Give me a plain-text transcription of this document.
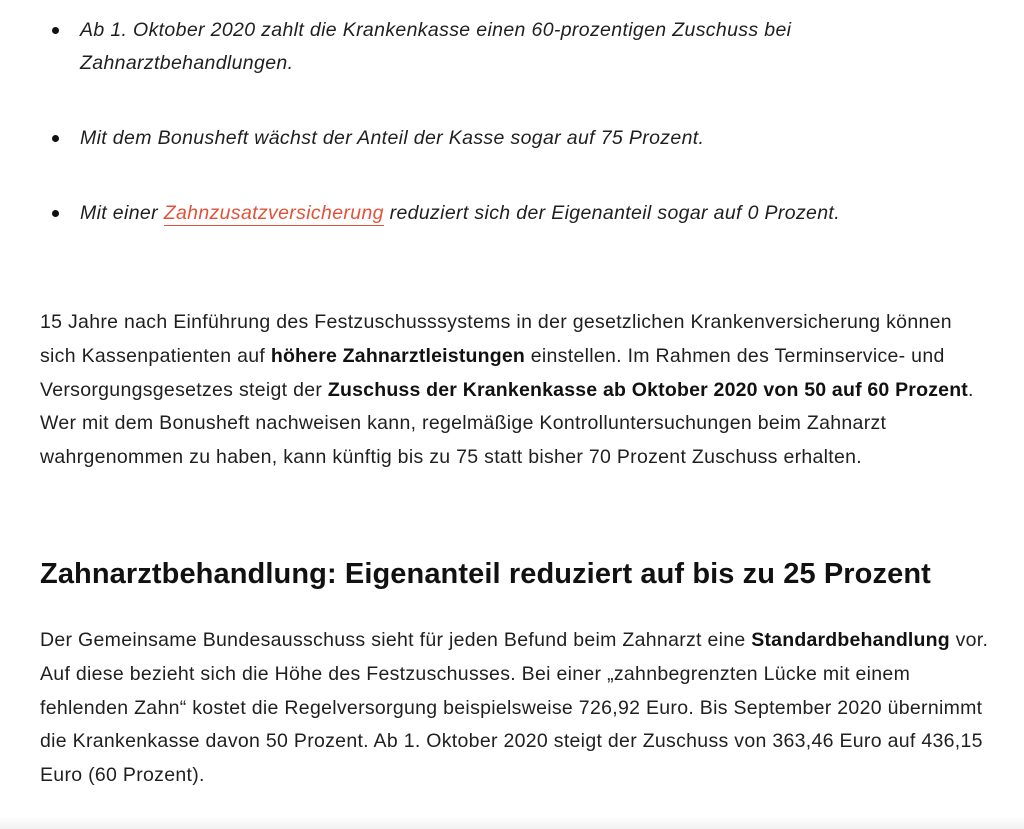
Ab 1. Oktober 2020 zahlt die Krankenkasse einen 60-prozentigen Zuschuss bei Zahnarztbehandlungen.
Mit dem Bonusheft wächst der Anteil der Kasse sogar auf 75 Prozent.
Mit einer Zahnzusatzversicherung reduziert sich der Eigenanteil sogar auf 0 Prozent.

15 Jahre nach Einführung des Festzuschusssystems in der gesetzlichen Krankenversicherung können sich Kassenpatienten auf höhere Zahnarztleistungen einstellen. Im Rahmen des Terminservice- und Versorgungsgesetzes steigt der Zuschuss der Krankenkasse ab Oktober 2020 von 50 auf 60 Prozent. Wer mit dem Bonusheft nachweisen kann, regelmäßige Kontrolluntersuchungen beim Zahnarzt wahrgenommen zu haben, kann künftig bis zu 75 statt bisher 70 Prozent Zuschuss erhalten.

Zahnarztbehandlung: Eigenanteil reduziert auf bis zu 25 Prozent

Der Gemeinsame Bundesausschuss sieht für jeden Befund beim Zahnarzt eine Standardbehandlung vor. Auf diese bezieht sich die Höhe des Festzuschusses. Bei einer „zahnbegrenzten Lücke mit einem fehlenden Zahn“ kostet die Regelversorgung beispielsweise 726,92 Euro. Bis September 2020 übernimmt die Krankenkasse davon 50 Prozent. Ab 1. Oktober 2020 steigt der Zuschuss von 363,46 Euro auf 436,15 Euro (60 Prozent).
